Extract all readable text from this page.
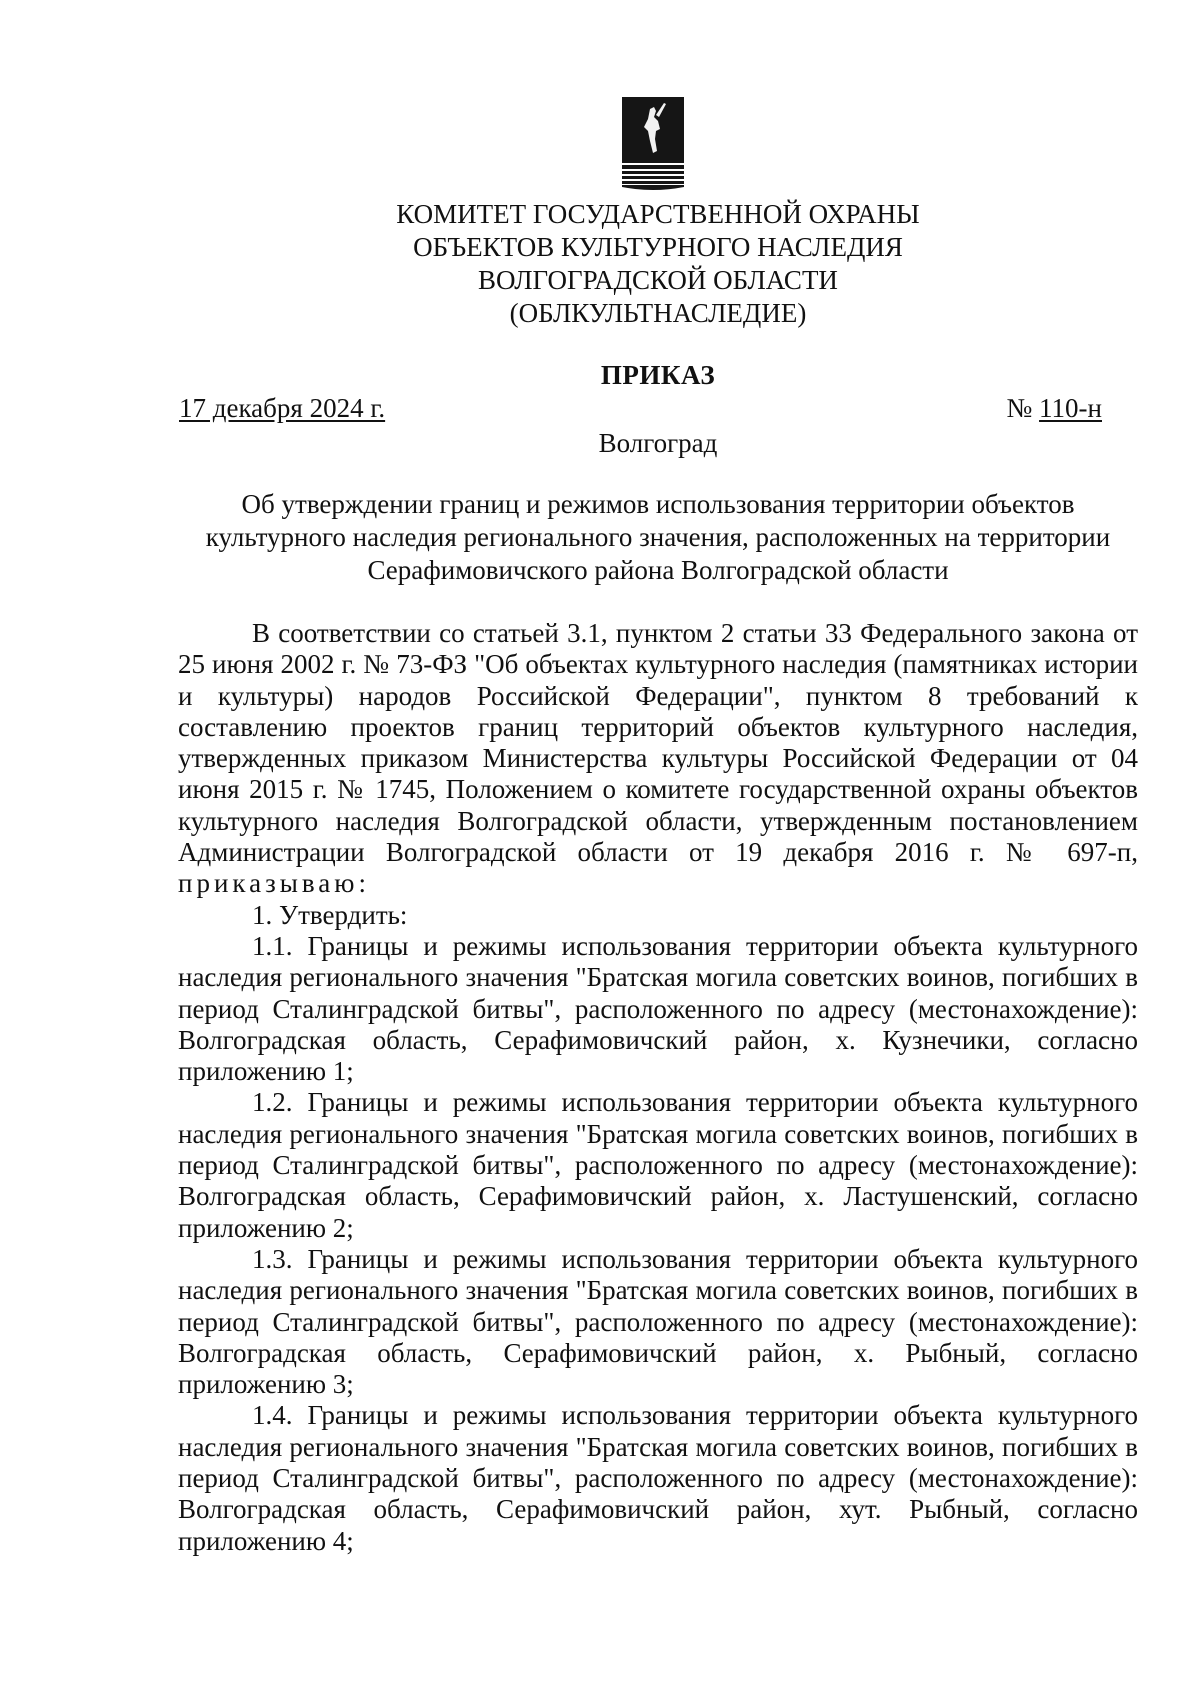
КОМИТЕТ ГОСУДАРСТВЕННОЙ ОХРАНЫ
ОБЪЕКТОВ КУЛЬТУРНОГО НАСЛЕДИЯ
ВОЛГОГРАДСКОЙ ОБЛАСТИ
(ОБЛКУЛЬТНАСЛЕДИЕ)
ПРИКАЗ
17 декабря 2024 г.	№ 110-н
Волгоград
Об утверждении границ и режимов использования территории объектов
культурного наследия регионального значения, расположенных на территории
Серафимовичского района Волгоградской области

В соответствии со статьей 3.1, пунктом 2 статьи 33 Федерального закона от 25 июня 2002 г. № 73-ФЗ "Об объектах культурного наследия (памятниках истории и культуры) народов Российской Федерации", пунктом 8 требований к составлению проектов границ территорий объектов культурного наследия, утвержденных приказом Министерства культуры Российской Федерации от 04 июня 2015 г. № 1745, Положением о комитете государственной охраны объектов культурного наследия Волгоградской области, утвержденным постановлением Администрации Волгоградской области от 19 декабря 2016 г. № 697-п, приказываю:

1. Утвердить:

1.1. Границы и режимы использования территории объекта культурного наследия регионального значения "Братская могила советских воинов, погибших в период Сталинградской битвы", расположенного по адресу (местонахождение): Волгоградская область, Серафимовичский район, х. Кузнечики, согласно приложению 1;

1.2. Границы и режимы использования территории объекта культурного наследия регионального значения "Братская могила советских воинов, погибших в период Сталинградской битвы", расположенного по адресу (местонахождение): Волгоградская область, Серафимовичский район, х. Ластушенский, согласно приложению 2;

1.3. Границы и режимы использования территории объекта культурного наследия регионального значения "Братская могила советских воинов, погибших в период Сталинградской битвы", расположенного по адресу (местонахождение): Волгоградская область, Серафимовичский район, х. Рыбный, согласно приложению 3;

1.4. Границы и режимы использования территории объекта культурного наследия регионального значения "Братская могила советских воинов, погибших в период Сталинградской битвы", расположенного по адресу (местонахождение): Волгоградская область, Серафимовичский район, хут. Рыбный, согласно приложению 4;
